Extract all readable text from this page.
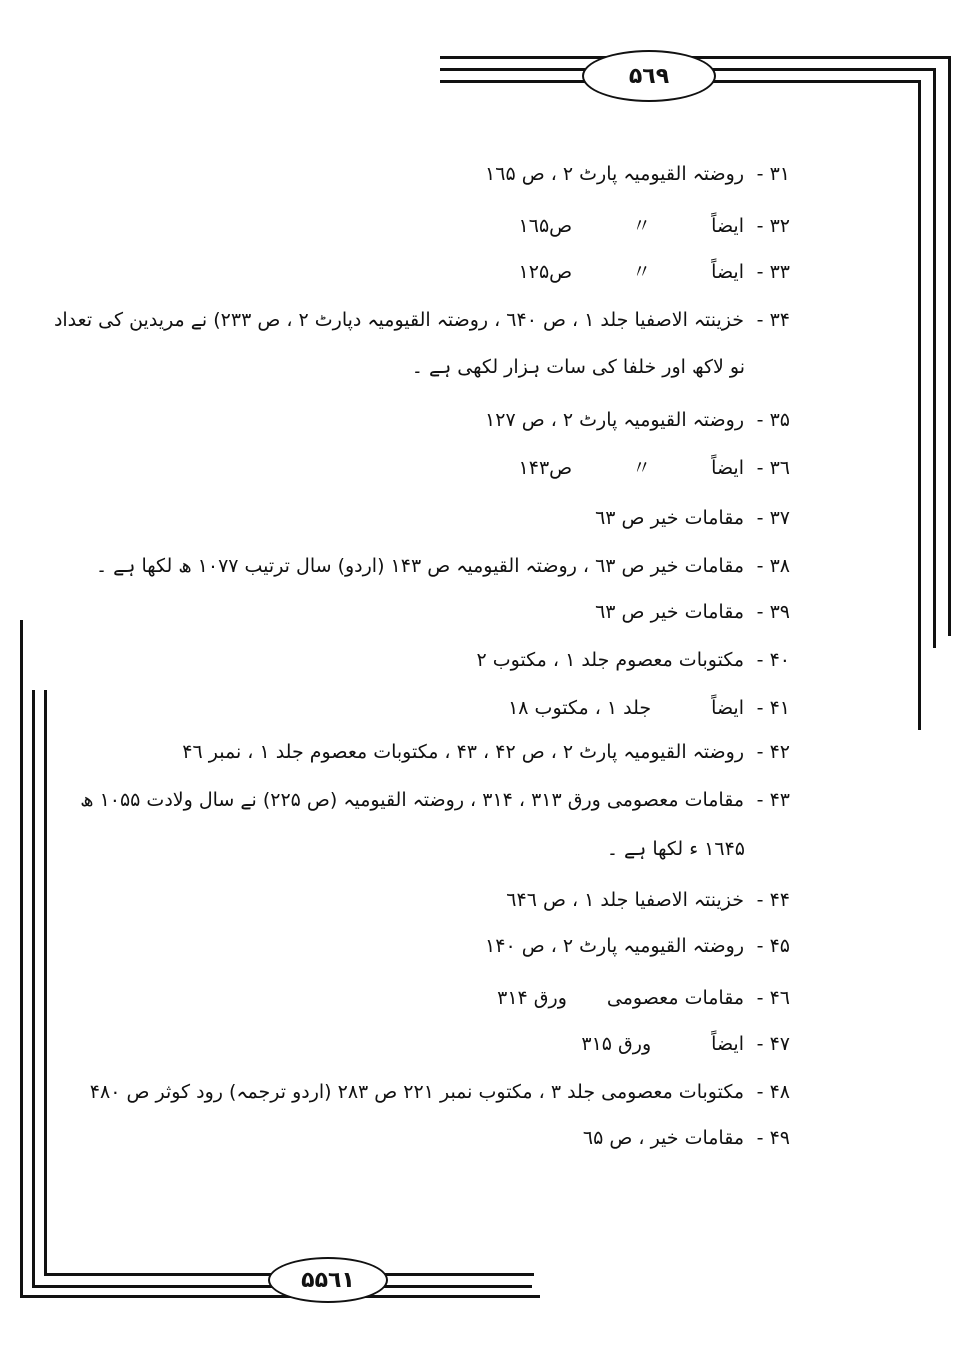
۵٦۹
۵۵٦۱
۳۱ -روضتہ القیومیہ پارٹ ۲ ، ص ۱٦۵
۳۲ -ایضاً〃ص۱٦۵
۳۳ -ایضاً〃ص۱۲۵
۳۴ -خزینتہ الاصفیا جلد ۱ ، ص ٦۴۰ ، روضتہ القیومیہ دپارٹ ۲ ، ص ۲۳۳) نے مریدین کی تعداد
نو لاکھ اور خلفا کی سات ہزار لکھی ہے ۔
۳۵ -روضتہ القیومیہ پارٹ ۲ ، ص ۱۲۷
۳٦ -ایضاً〃ص۱۴۳
۳۷ -مقامات خیر ص ٦۳
۳۸ -مقامات خیر ص ٦۳ ، روضتہ القیومیہ ص ۱۴۳ (اردو) سال ترتیب ۱۰۷۷ ھ لکھا ہے ۔
۳۹ -مقامات خیر ص ٦۳
۴۰ -مکتوبات معصوم جلد ۱ ، مکتوب ۲
۴۱ -ایضاًجلد ۱ ، مکتوب ۱۸
۴۲ -روضتہ القیومیہ پارٹ ۲ ، ص ۴۲ ، ۴۳ ، مکتوبات معصوم جلد ۱ ، نمبر ۴٦
۴۳ -مقامات معصومی ورق ۳۱۳ ، ۳۱۴ ، روضتہ القیومیہ (ص ۲۲۵) نے سال ولادت ۱۰۵۵ ھ
۱٦۴۵ ء لکھا ہے ۔
۴۴ -خزینتہ الاصفیا جلد ۱ ، ص ٦۴٦
۴۵ -روضتہ القیومیہ پارٹ ۲ ، ص ۱۴۰
۴٦ -مقامات معصومیورق ۳۱۴
۴۷ -ایضاًورق ۳۱۵
۴۸ -مکتوبات معصومی جلد ۳ ، مکتوب نمبر ۲۲۱ ص ۲۸۳ (اردو ترجمہ) رود کوثر ص ۴۸۰
۴۹ -مقامات خیر ، ص ٦۵
